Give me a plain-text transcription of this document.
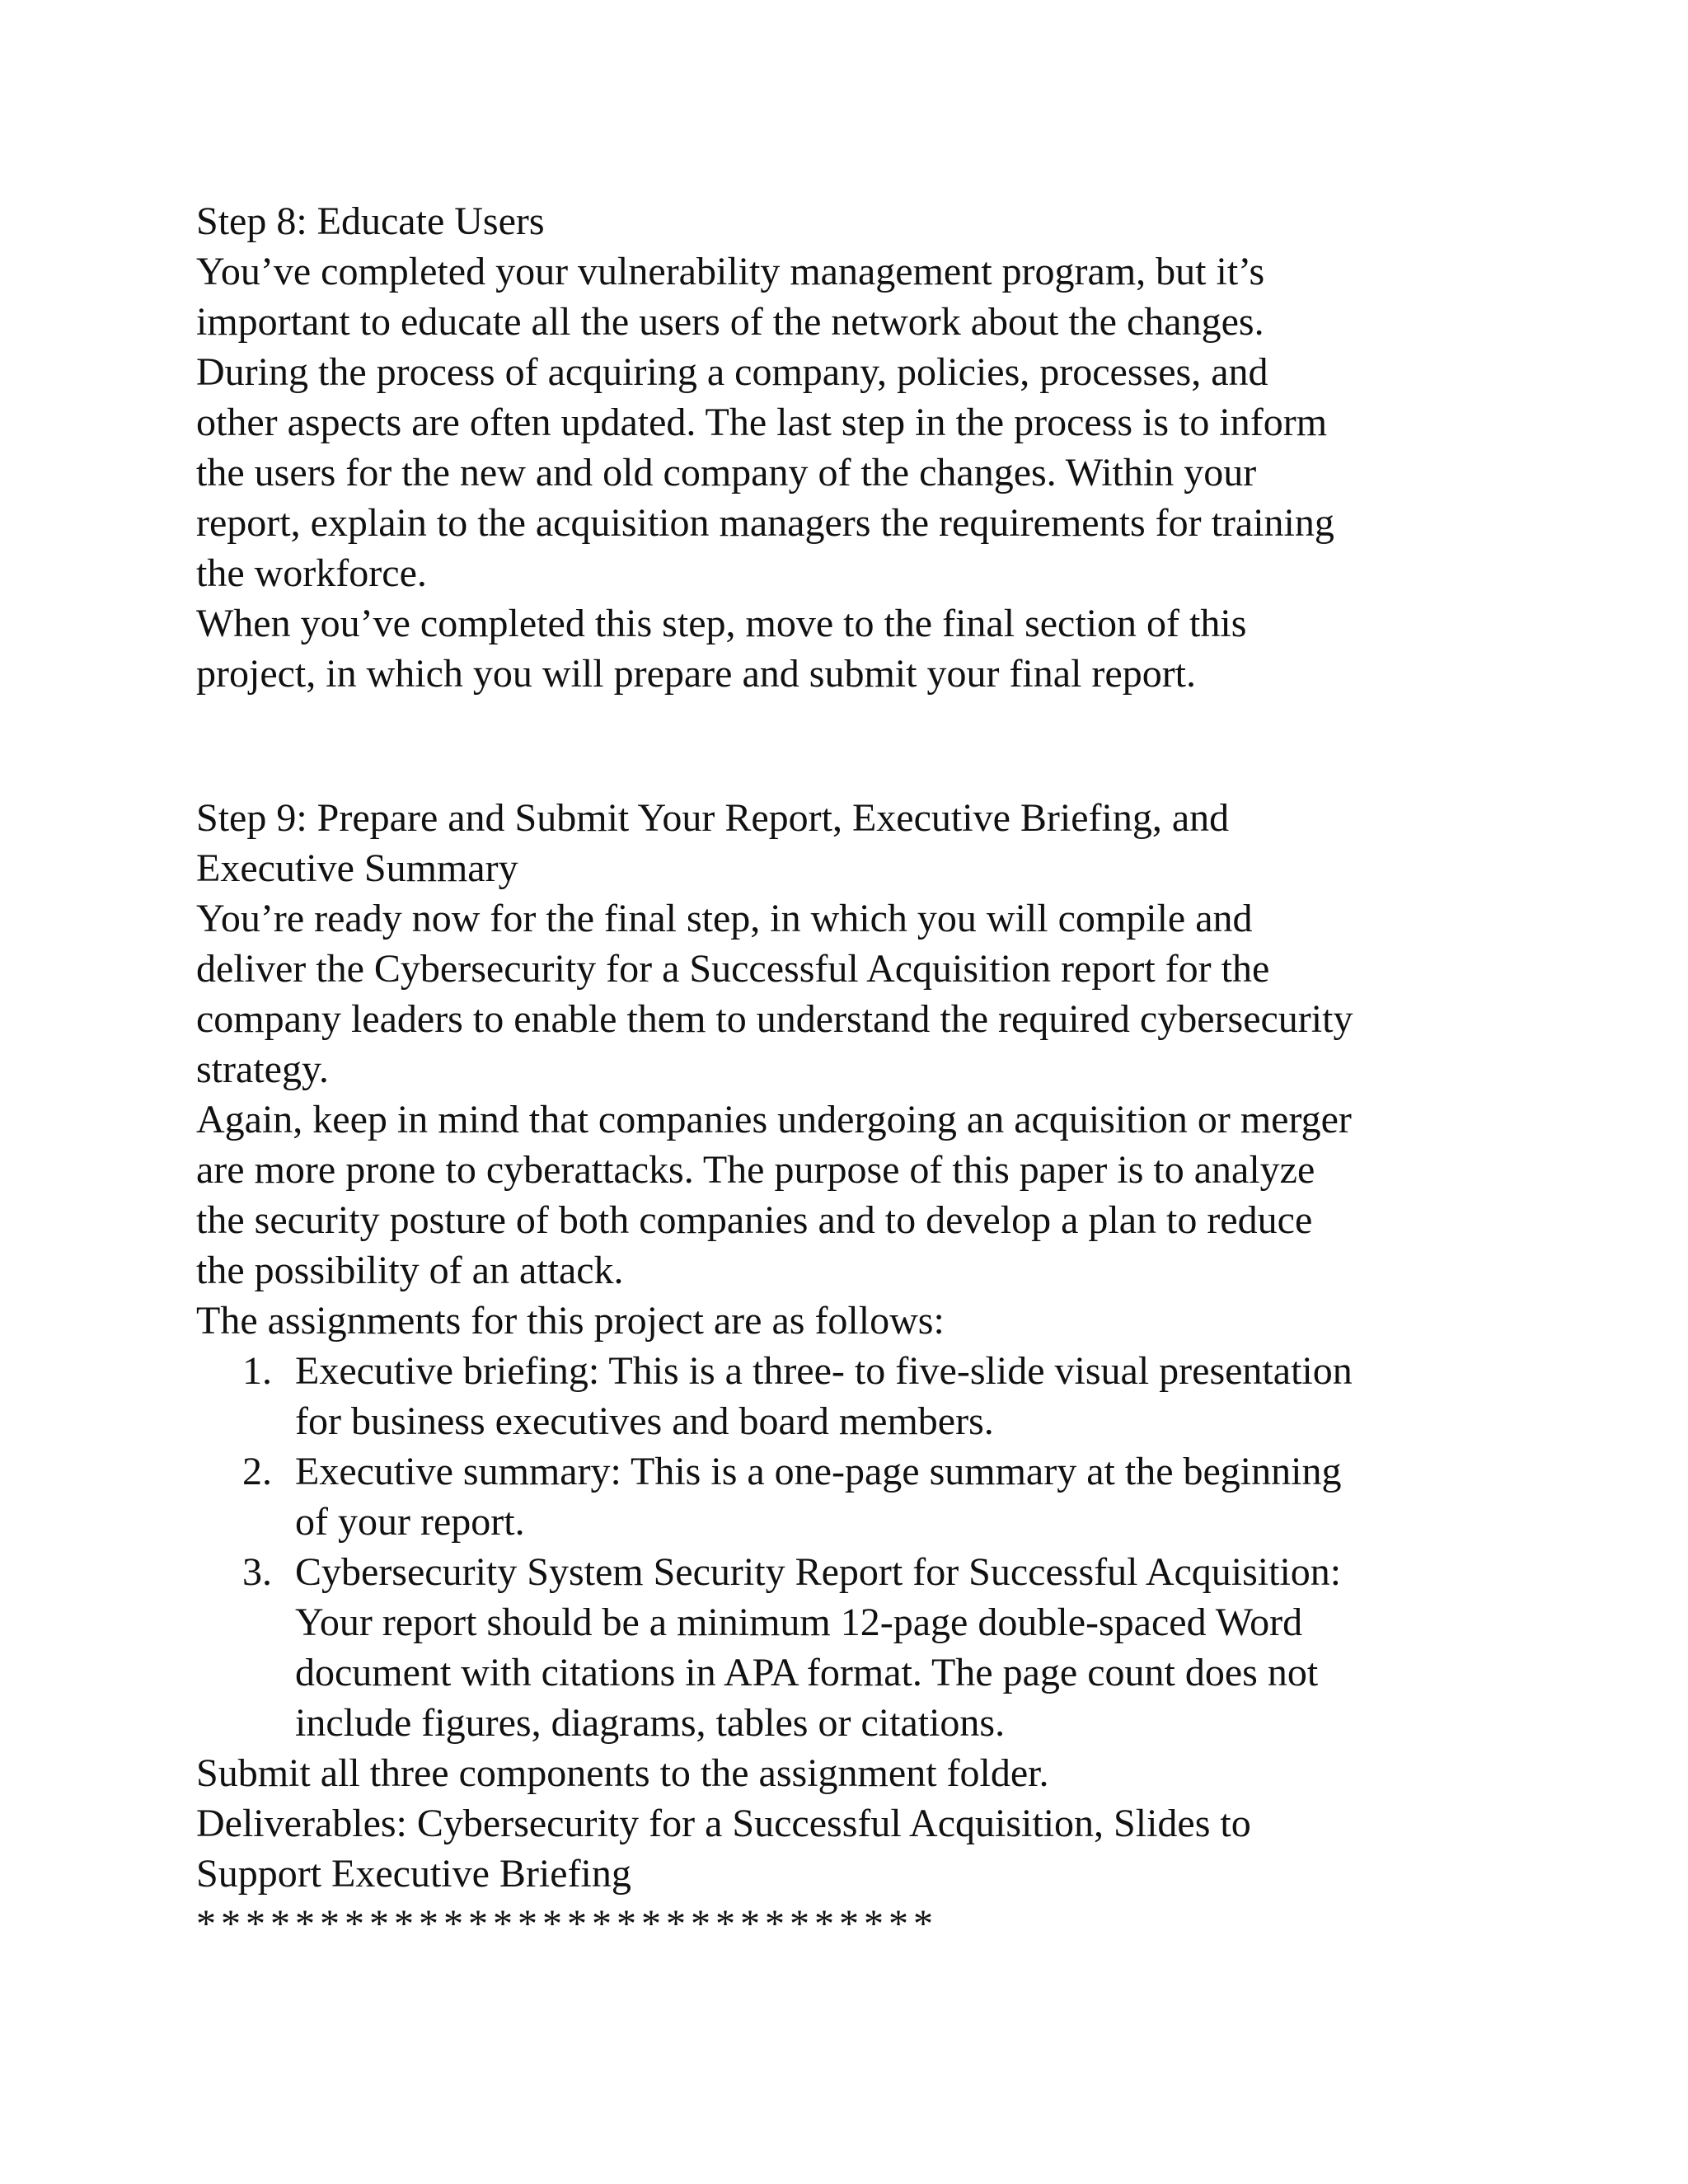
Step 8: Educate Users
You’ve completed your vulnerability management program, but it’s
important to educate all the users of the network about the changes.
During the process of acquiring a company, policies, processes, and
other aspects are often updated. The last step in the process is to inform
the users for the new and old company of the changes. Within your
report, explain to the acquisition managers the requirements for training
the workforce.
When you’ve completed this step, move to the final section of this
project, in which you will prepare and submit your final report.
Step 9: Prepare and Submit Your Report, Executive Briefing, and
Executive Summary
You’re ready now for the final step, in which you will compile and
deliver the Cybersecurity for a Successful Acquisition report for the
company leaders to enable them to understand the required cybersecurity
strategy.
Again, keep in mind that companies undergoing an acquisition or merger
are more prone to cyberattacks. The purpose of this paper is to analyze
the security posture of both companies and to develop a plan to reduce
the possibility of an attack.
The assignments for this project are as follows:
1. Executive briefing: This is a three- to five-slide visual presentation
for business executives and board members.
2. Executive summary: This is a one-page summary at the beginning
of your report.
3. Cybersecurity System Security Report for Successful Acquisition:
Your report should be a minimum 12-page double-spaced Word
document with citations in APA format. The page count does not
include figures, diagrams, tables or citations.
Submit all three components to the assignment folder.
Deliverables: Cybersecurity for a Successful Acquisition, Slides to
Support Executive Briefing
******************************
